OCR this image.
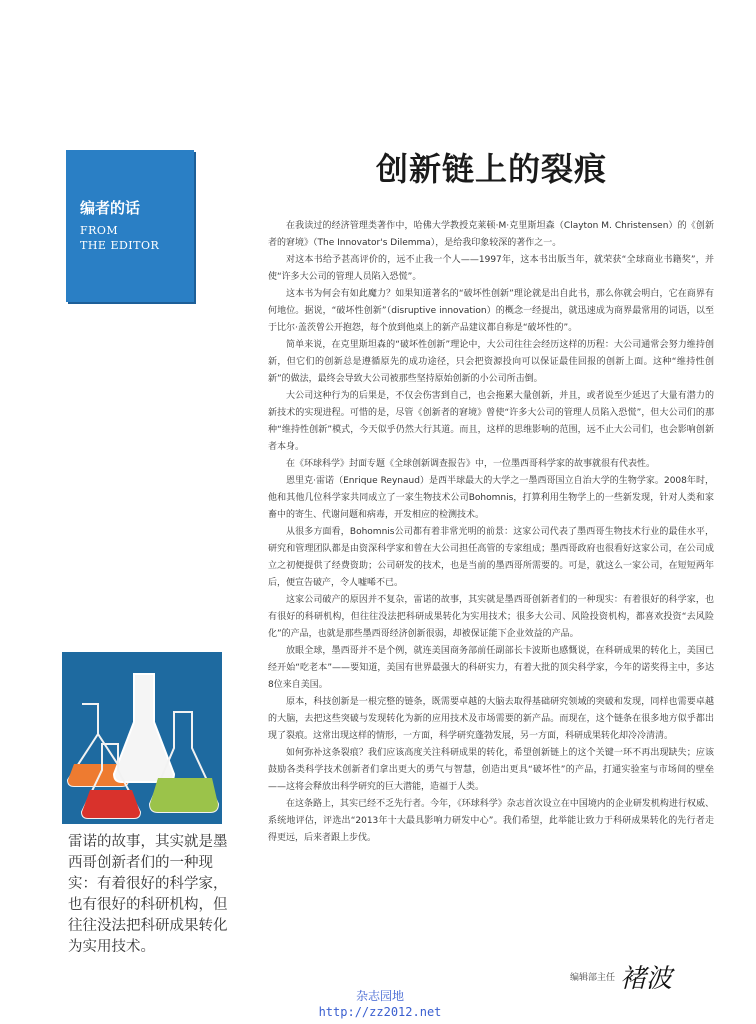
编者的话
FROM
THE EDITOR
创新链上的裂痕

在我读过的经济管理类著作中，哈佛大学教授克莱顿·M·克里斯坦森（Clayton M. Christensen）的《创新者的窘境》（The Innovator's Dilemma），是给我印象较深的著作之一。

对这本书给予甚高评价的，远不止我一个人——1997年，这本书出版当年，就荣获“全球商业书籍奖”，并使“许多大公司的管理人员陷入恐慌”。

这本书为何会有如此魔力？如果知道著名的“破坏性创新”理论就是出自此书，那么你就会明白，它在商界有何地位。据说，“破坏性创新”（disruptive innovation）的概念一经提出，就迅速成为商界最常用的词语，以至于比尔·盖茨曾公开抱怨，每个放到他桌上的新产品建议都自称是“破坏性的”。

简单来说，在克里斯坦森的“破坏性创新”理论中，大公司往往会经历这样的历程：大公司通常会努力维持创新，但它们的创新总是遵循原先的成功途径，只会把资源投向可以保证最佳回报的创新上面。这种“维持性创新”的做法，最终会导致大公司被那些坚持原始创新的小公司所击倒。

大公司这种行为的后果是，不仅会伤害到自己，也会拖累大量创新，并且，或者说至少延迟了大量有潜力的新技术的实现进程。可惜的是，尽管《创新者的窘境》曾使“许多大公司的管理人员陷入恐慌”，但大公司们的那种“维持性创新”模式，今天似乎仍然大行其道。而且，这样的思维影响的范围，远不止大公司们，也会影响创新者本身。

在《环球科学》封面专题《全球创新调查报告》中，一位墨西哥科学家的故事就很有代表性。

恩里克·雷诺（Enrique Reynaud）是西半球最大的大学之一墨西哥国立自治大学的生物学家。2008年时，他和其他几位科学家共同成立了一家生物技术公司Bohomnis，打算利用生物学上的一些新发现，针对人类和家畜中的寄生、代谢问题和病毒，开发相应的检测技术。

从很多方面看，Bohomnis公司都有着非常光明的前景：这家公司代表了墨西哥生物技术行业的最佳水平，研究和管理团队都是由资深科学家和曾在大公司担任高管的专家组成；墨西哥政府也很看好这家公司，在公司成立之初便提供了经费资助；公司研发的技术，也是当前的墨西哥所需要的。可是，就这么一家公司，在短短两年后，便宣告破产，令人嘘唏不已。

这家公司破产的原因并不复杂，雷诺的故事，其实就是墨西哥创新者们的一种现实：有着很好的科学家，也有很好的科研机构，但往往没法把科研成果转化为实用技术；很多大公司、风险投资机构，都喜欢投资“去风险化”的产品，也就是那些墨西哥经济创新很弱，却被保证能下企业效益的产品。

放眼全球，墨西哥并不是个例，就连美国商务部前任副部长卡波斯也感慨说，在科研成果的转化上，美国已经开始“吃老本”——要知道，美国有世界最强大的科研实力，有着大批的顶尖科学家，今年的诺奖得主中，多达8位来自美国。

原本，科技创新是一根完整的链条，既需要卓越的大脑去取得基础研究领域的突破和发现，同样也需要卓越的大脑，去把这些突破与发现转化为新的应用技术及市场需要的新产品。而现在，这个链条在很多地方似乎都出现了裂痕。这常出现这样的情形，一方面，科学研究蓬勃发展，另一方面，科研成果转化却冷冷清清。

如何弥补这条裂痕？我们应该高度关注科研成果的转化，希望创新链上的这个关键一环不再出现缺失；应该鼓励各类科学技术创新者们拿出更大的勇气与智慧，创造出更具“破坏性”的产品，打通实验室与市场间的壁垒——这将会释放出科学研究的巨大潜能，造福于人类。

在这条路上，其实已经不乏先行者。今年，《环球科学》杂志首次设立在中国境内的企业研发机构进行权威、系统地评估，评选出“2013年十大最具影响力研发中心”。我们希望，此举能让致力于科研成果转化的先行者走得更远，后来者跟上步伐。

雷诺的故事，其实就是墨西哥创新者们的一种现实：有着很好的科学家，也有很好的科研机构，但往往没法把科研成果转化为实用技术。

编辑部主任 褚波
杂志园地
http://zz2012.net
